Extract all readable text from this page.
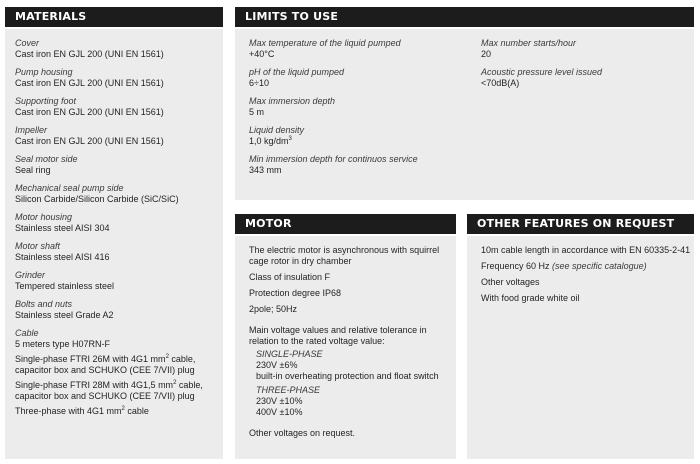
MATERIALS
Cover
Cast iron EN GJL 200 (UNI EN 1561)
Pump housing
Cast iron EN GJL 200 (UNI EN 1561)
Supporting foot
Cast iron EN GJL 200 (UNI EN 1561)
Impeller
Cast iron EN GJL 200 (UNI EN 1561)
Seal motor side
Seal ring
Mechanical seal pump side
Silicon Carbide/Silicon Carbide (SiC/SiC)
Motor housing
Stainless steel AISI 304
Motor shaft
Stainless steel AISI 416
Grinder
Tempered stainless steel
Bolts and nuts
Stainless steel Grade A2
Cable
5 meters type H07RN-F
Single-phase FTRI 26M with 4G1 $mm^2$ cable,
capacitor box and SCHUKO (CEE 7/VII) plug
Single-phase FTRI 28M with 4G1,5 $mm^2$ cable,
capacitor box and SCHUKO (CEE 7/VII) plug
Three-phase with 4G1 $mm^2$ cable
LIMITS TO USE
Max temperature of the liquid pumped
+40°C
pH of the liquid pumped
6÷10
Max immersion depth
5 m
Liquid density
1,0 $kg/dm^3$
Min immersion depth for continuos service
343 mm
Max number starts/hour
20
Acoustic pressure level issued
<70dB(A)
MOTOR
The electric motor is asynchronous with squirrel cage rotor in dry chamber
Class of insulation F
Protection degree IP68
2pole; 50Hz
Main voltage values and relative tolerance in relation to the rated voltage value:
SINGLE-PHASE
230V ±6%
built-in overheating protection and float switch
THREE-PHASE
230V ±10%
400V ±10%
Other voltages on request.
OTHER FEATURES ON REQUEST
10m cable length in accordance with EN 60335-2-41
Frequency 60 Hz (see specific catalogue)
Other voltages
With food grade white oil
